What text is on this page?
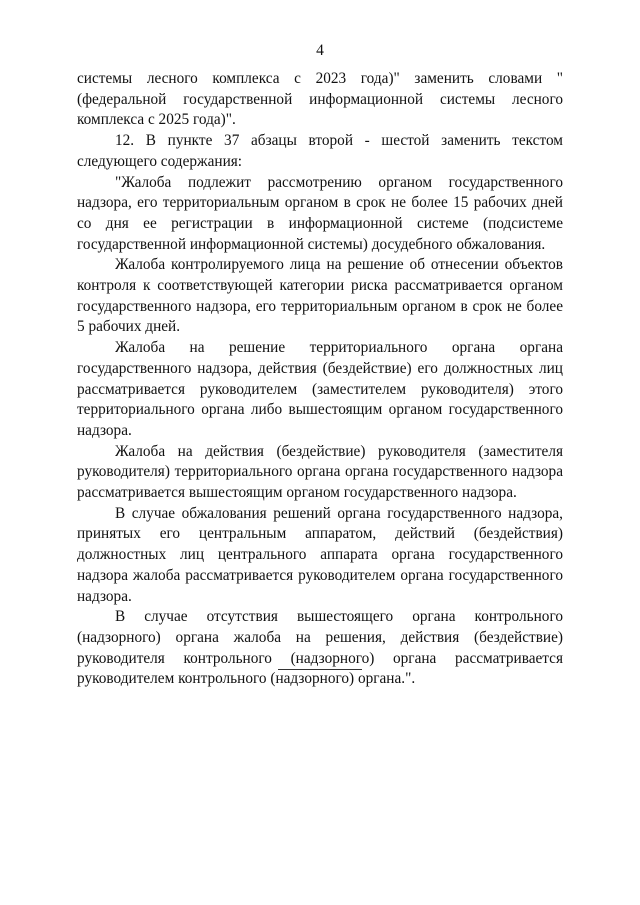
4

системы лесного комплекса с 2023 года)" заменить словами "(федеральной государственной информационной системы лесного комплекса с 2025 года)".

12. В пункте 37 абзацы второй - шестой заменить текстом следующего содержания:

"Жалоба подлежит рассмотрению органом государственного надзора, его территориальным органом в срок не более 15 рабочих дней со дня ее регистрации в информационной системе (подсистеме государственной информационной системы) досудебного обжалования.

Жалоба контролируемого лица на решение об отнесении объектов контроля к соответствующей категории риска рассматривается органом государственного надзора, его территориальным органом в срок не более 5 рабочих дней.

Жалоба на решение территориального органа органа государственного надзора, действия (бездействие) его должностных лиц рассматривается руководителем (заместителем руководителя) этого территориального органа либо вышестоящим органом государственного надзора.

Жалоба на действия (бездействие) руководителя (заместителя руководителя) территориального органа органа государственного надзора рассматривается вышестоящим органом государственного надзора.

В случае обжалования решений органа государственного надзора, принятых его центральным аппаратом, действий (бездействия) должностных лиц центрального аппарата органа государственного надзора жалоба рассматривается руководителем органа государственного надзора.

В случае отсутствия вышестоящего органа контрольного (надзорного) органа жалоба на решения, действия (бездействие) руководителя контрольного (надзорного) органа рассматривается руководителем контрольного (надзорного) органа.".
